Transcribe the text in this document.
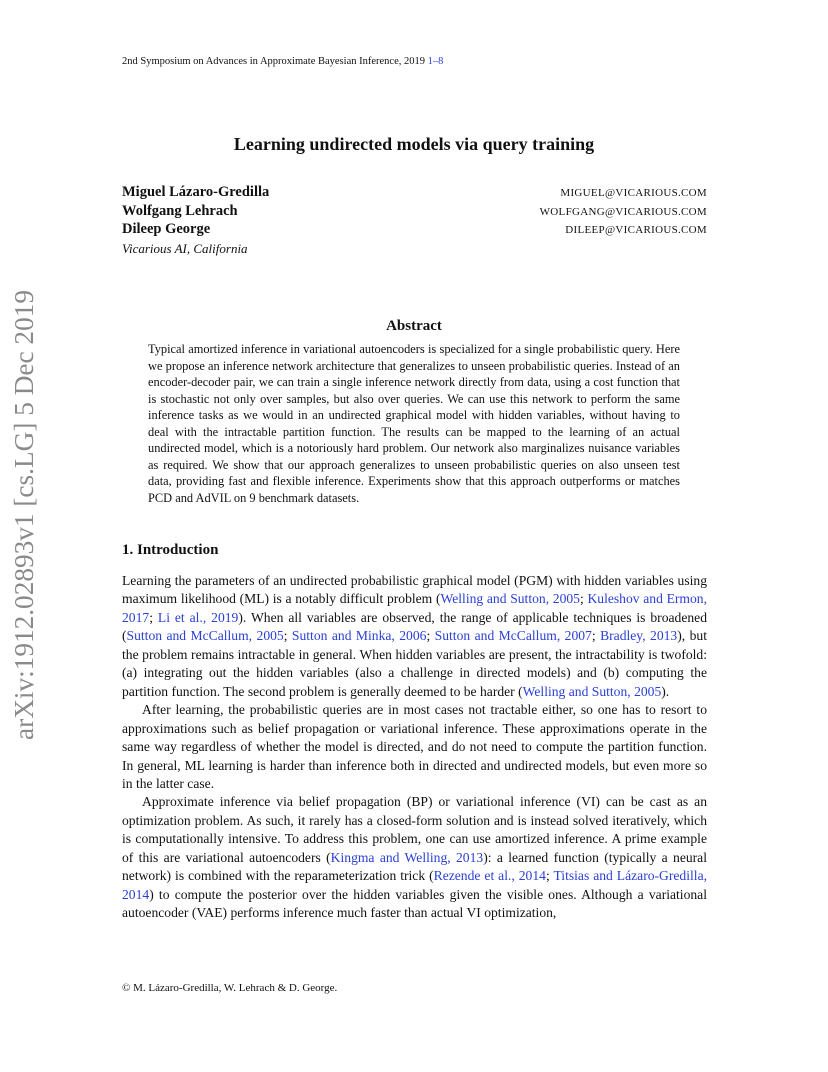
2nd Symposium on Advances in Approximate Bayesian Inference, 2019 1–8
arXiv:1912.02893v1 [cs.LG] 5 Dec 2019
Learning undirected models via query training
Miguel Lázaro-Gredilla	MIGUEL@VICARIOUS.COM
Wolfgang Lehrach	WOLFGANG@VICARIOUS.COM
Dileep George	DILEEP@VICARIOUS.COM
Vicarious AI, California
Abstract
Typical amortized inference in variational autoencoders is specialized for a single probabilistic query. Here we propose an inference network architecture that generalizes to unseen probabilistic queries. Instead of an encoder-decoder pair, we can train a single inference network directly from data, using a cost function that is stochastic not only over samples, but also over queries. We can use this network to perform the same inference tasks as we would in an undirected graphical model with hidden variables, without having to deal with the intractable partition function. The results can be mapped to the learning of an actual undirected model, which is a notoriously hard problem. Our network also marginalizes nuisance variables as required. We show that our approach generalizes to unseen probabilistic queries on also unseen test data, providing fast and flexible inference. Experiments show that this approach outperforms or matches PCD and AdVIL on 9 benchmark datasets.
1. Introduction

Learning the parameters of an undirected probabilistic graphical model (PGM) with hidden variables using maximum likelihood (ML) is a notably difficult problem (Welling and Sutton, 2005; Kuleshov and Ermon, 2017; Li et al., 2019). When all variables are observed, the range of applicable techniques is broadened (Sutton and McCallum, 2005; Sutton and Minka, 2006; Sutton and McCallum, 2007; Bradley, 2013), but the problem remains intractable in general. When hidden variables are present, the intractability is twofold: (a) integrating out the hidden variables (also a challenge in directed models) and (b) computing the partition function. The second problem is generally deemed to be harder (Welling and Sutton, 2005).

After learning, the probabilistic queries are in most cases not tractable either, so one has to resort to approximations such as belief propagation or variational inference. These approximations operate in the same way regardless of whether the model is directed, and do not need to compute the partition function. In general, ML learning is harder than inference both in directed and undirected models, but even more so in the latter case.

Approximate inference via belief propagation (BP) or variational inference (VI) can be cast as an optimization problem. As such, it rarely has a closed-form solution and is instead solved iteratively, which is computationally intensive. To address this problem, one can use amortized inference. A prime example of this are variational autoencoders (Kingma and Welling, 2013): a learned function (typically a neural network) is combined with the reparameterization trick (Rezende et al., 2014; Titsias and Lázaro-Gredilla, 2014) to compute the posterior over the hidden variables given the visible ones. Although a variational autoencoder (VAE) performs inference much faster than actual VI optimization,

© M. Lázaro-Gredilla, W. Lehrach & D. George.
